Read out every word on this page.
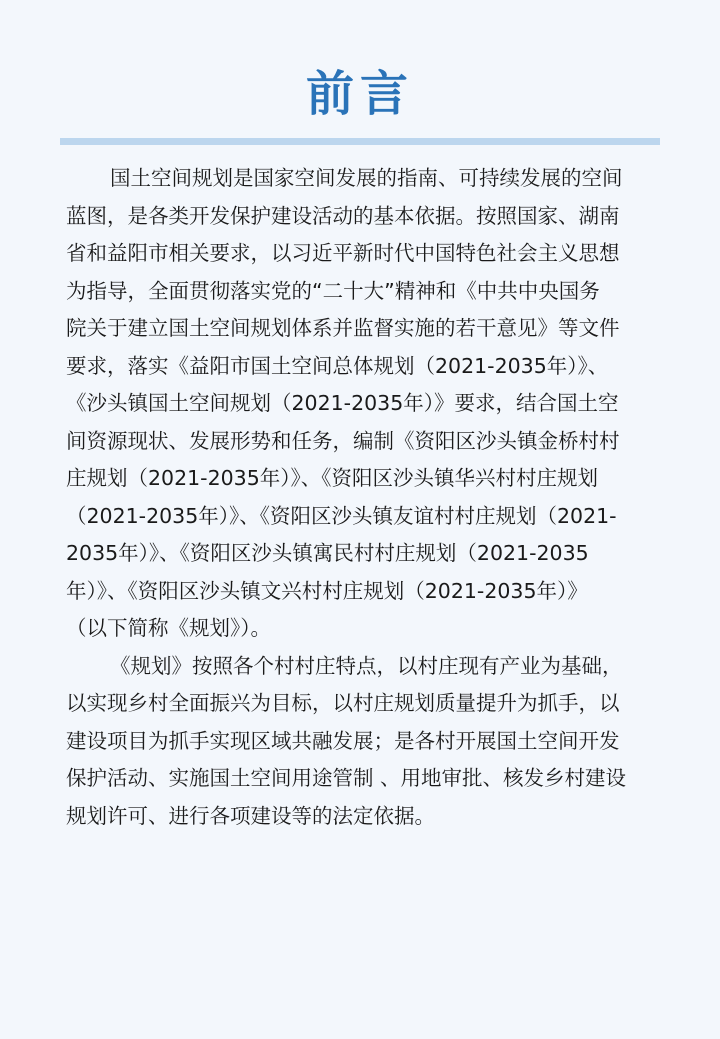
前言

国土空间规划是国家空间发展的指南、可持续发展的空间
蓝图，是各类开发保护建设活动的基本依据。按照国家、湖南
省和益阳市相关要求，以习近平新时代中国特色社会主义思想
为指导，全面贯彻落实党的“二十大”精神和《中共中央国务
院关于建立国土空间规划体系并监督实施的若干意见》等文件
要求，落实《益阳市国土空间总体规划（2021-2035年）》、
《沙头镇国土空间规划（2021-2035年）》要求，结合国土空
间资源现状、发展形势和任务，编制《资阳区沙头镇金桥村村
庄规划（2021-2035年）》、《资阳区沙头镇华兴村村庄规划
（2021-2035年）》、《资阳区沙头镇友谊村村庄规划（2021-
2035年）》、《资阳区沙头镇寓民村村庄规划（2021-2035
年）》、《资阳区沙头镇文兴村村庄规划（2021-2035年）》
（以下简称《规划》）。

《规划》按照各个村村庄特点，以村庄现有产业为基础，
以实现乡村全面振兴为目标，以村庄规划质量提升为抓手，以
建设项目为抓手实现区域共融发展；是各村开展国土空间开发
保护活动、实施国土空间用途管制 、用地审批、核发乡村建设
规划许可、进行各项建设等的法定依据。
